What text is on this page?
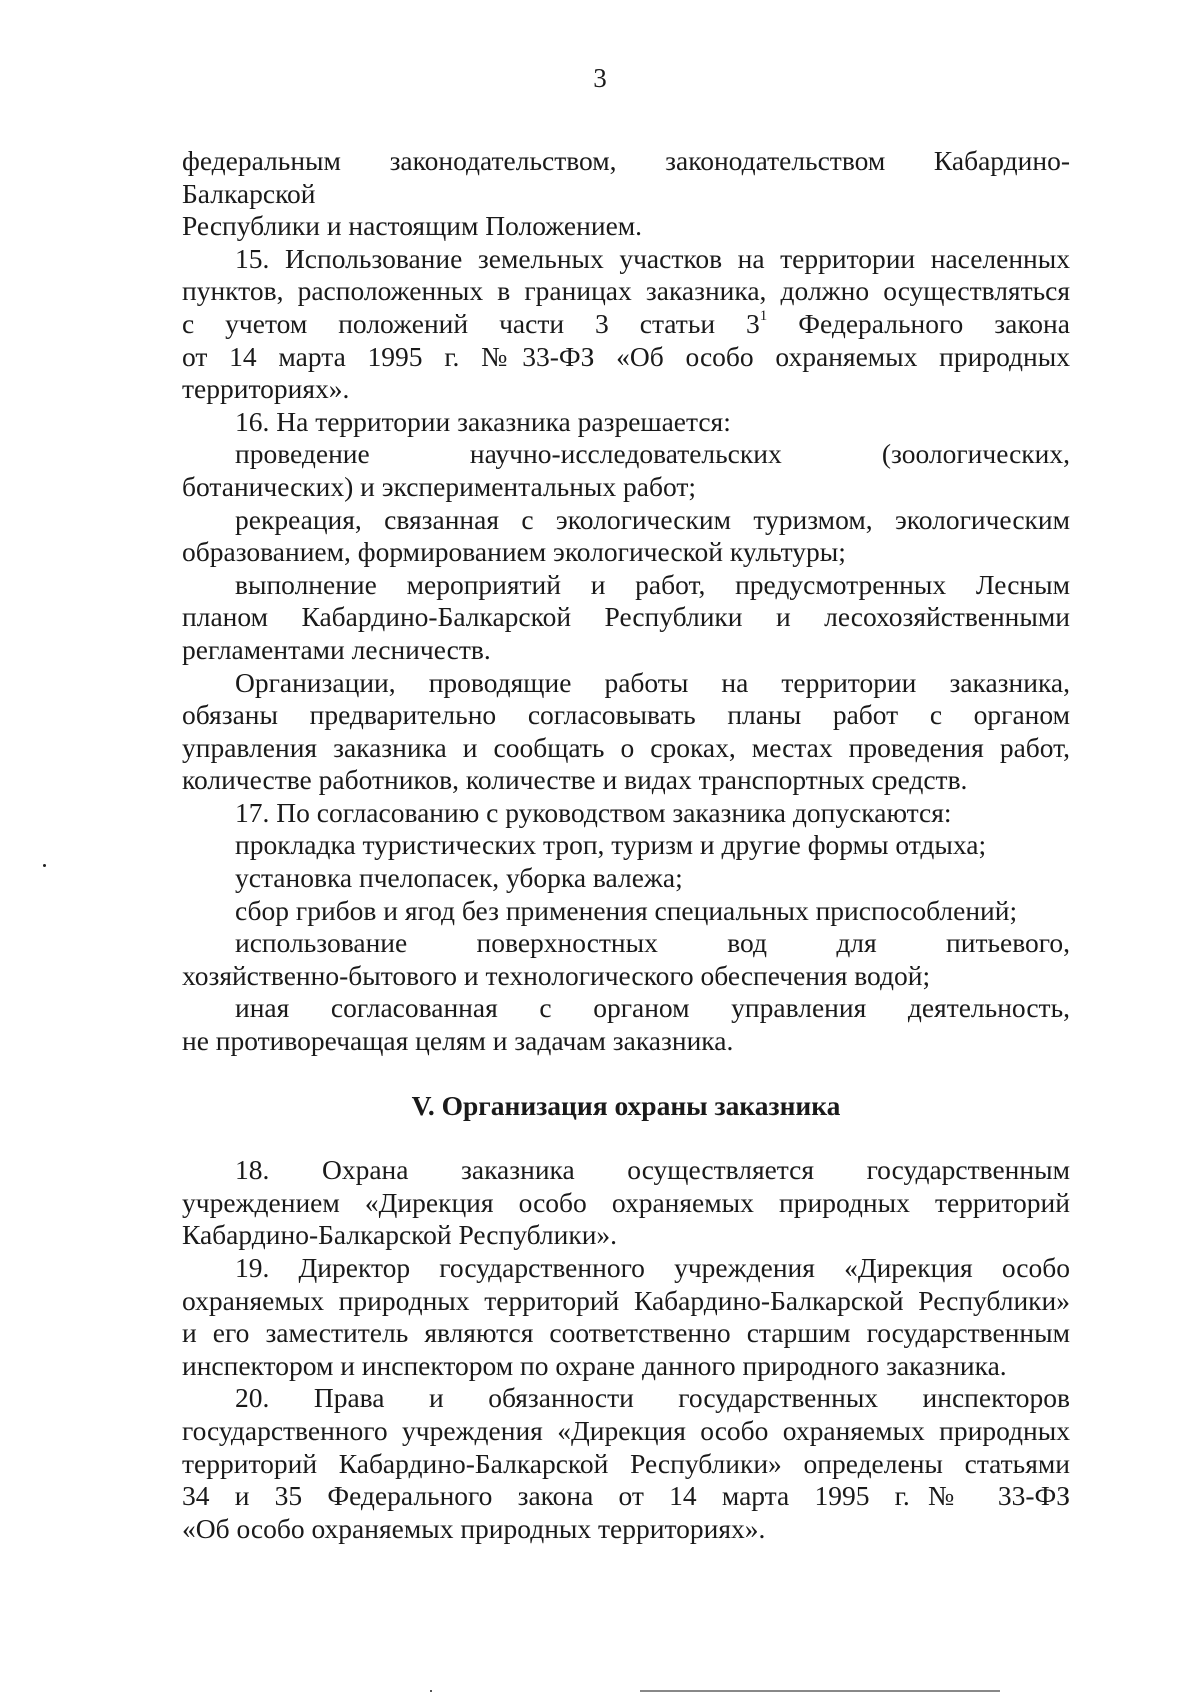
3
федеральным законодательством, законодательством Кабардино-Балкарской
Республики и настоящим Положением.
15. Использование земельных участков на территории населенных
пунктов, расположенных в границах заказника, должно осуществляться
с учетом положений части 3 статьи $3^1$ Федерального закона
от 14 марта 1995 г. №33-ФЗ «Об особо охраняемых природных
территориях».
16. На территории заказника разрешается:
проведение научно-исследовательских (зоологических,
ботанических) и экспериментальных работ;
рекреация, связанная с экологическим туризмом, экологическим
образованием, формированием экологической культуры;
выполнение мероприятий и работ, предусмотренных Лесным
планом Кабардино-Балкарской Республики и лесохозяйственными
регламентами лесничеств.
Организации, проводящие работы на территории заказника,
обязаны предварительно согласовывать планы работ с органом
управления заказника и сообщать о сроках, местах проведения работ,
количестве работников, количестве и видах транспортных средств.
17. По согласованию с руководством заказника допускаются:
прокладка туристических троп, туризм и другие формы отдыха;
установка пчелопасек, уборка валежа;
сбор грибов и ягод без применения специальных приспособлений;
использование поверхностных вод для питьевого,
хозяйственно-бытового и технологического обеспечения водой;
иная согласованная с органом управления деятельность,
не противоречащая целям и задачам заказника.
V. Организация охраны заказника
18. Охрана заказника осуществляется государственным
учреждением «Дирекция особо охраняемых природных территорий
Кабардино-Балкарской Республики».
19. Директор государственного учреждения «Дирекция особо
охраняемых природных территорий Кабардино-Балкарской Республики»
и его заместитель являются соответственно старшим государственным
инспектором и инспектором по охране данного природного заказника.
20. Права и обязанности государственных инспекторов
государственного учреждения «Дирекция особо охраняемых природных
территорий Кабардино-Балкарской Республики» определены статьями
34 и 35 Федерального закона от 14 марта 1995 г.№ 33-ФЗ
«Об особо охраняемых природных территориях».
